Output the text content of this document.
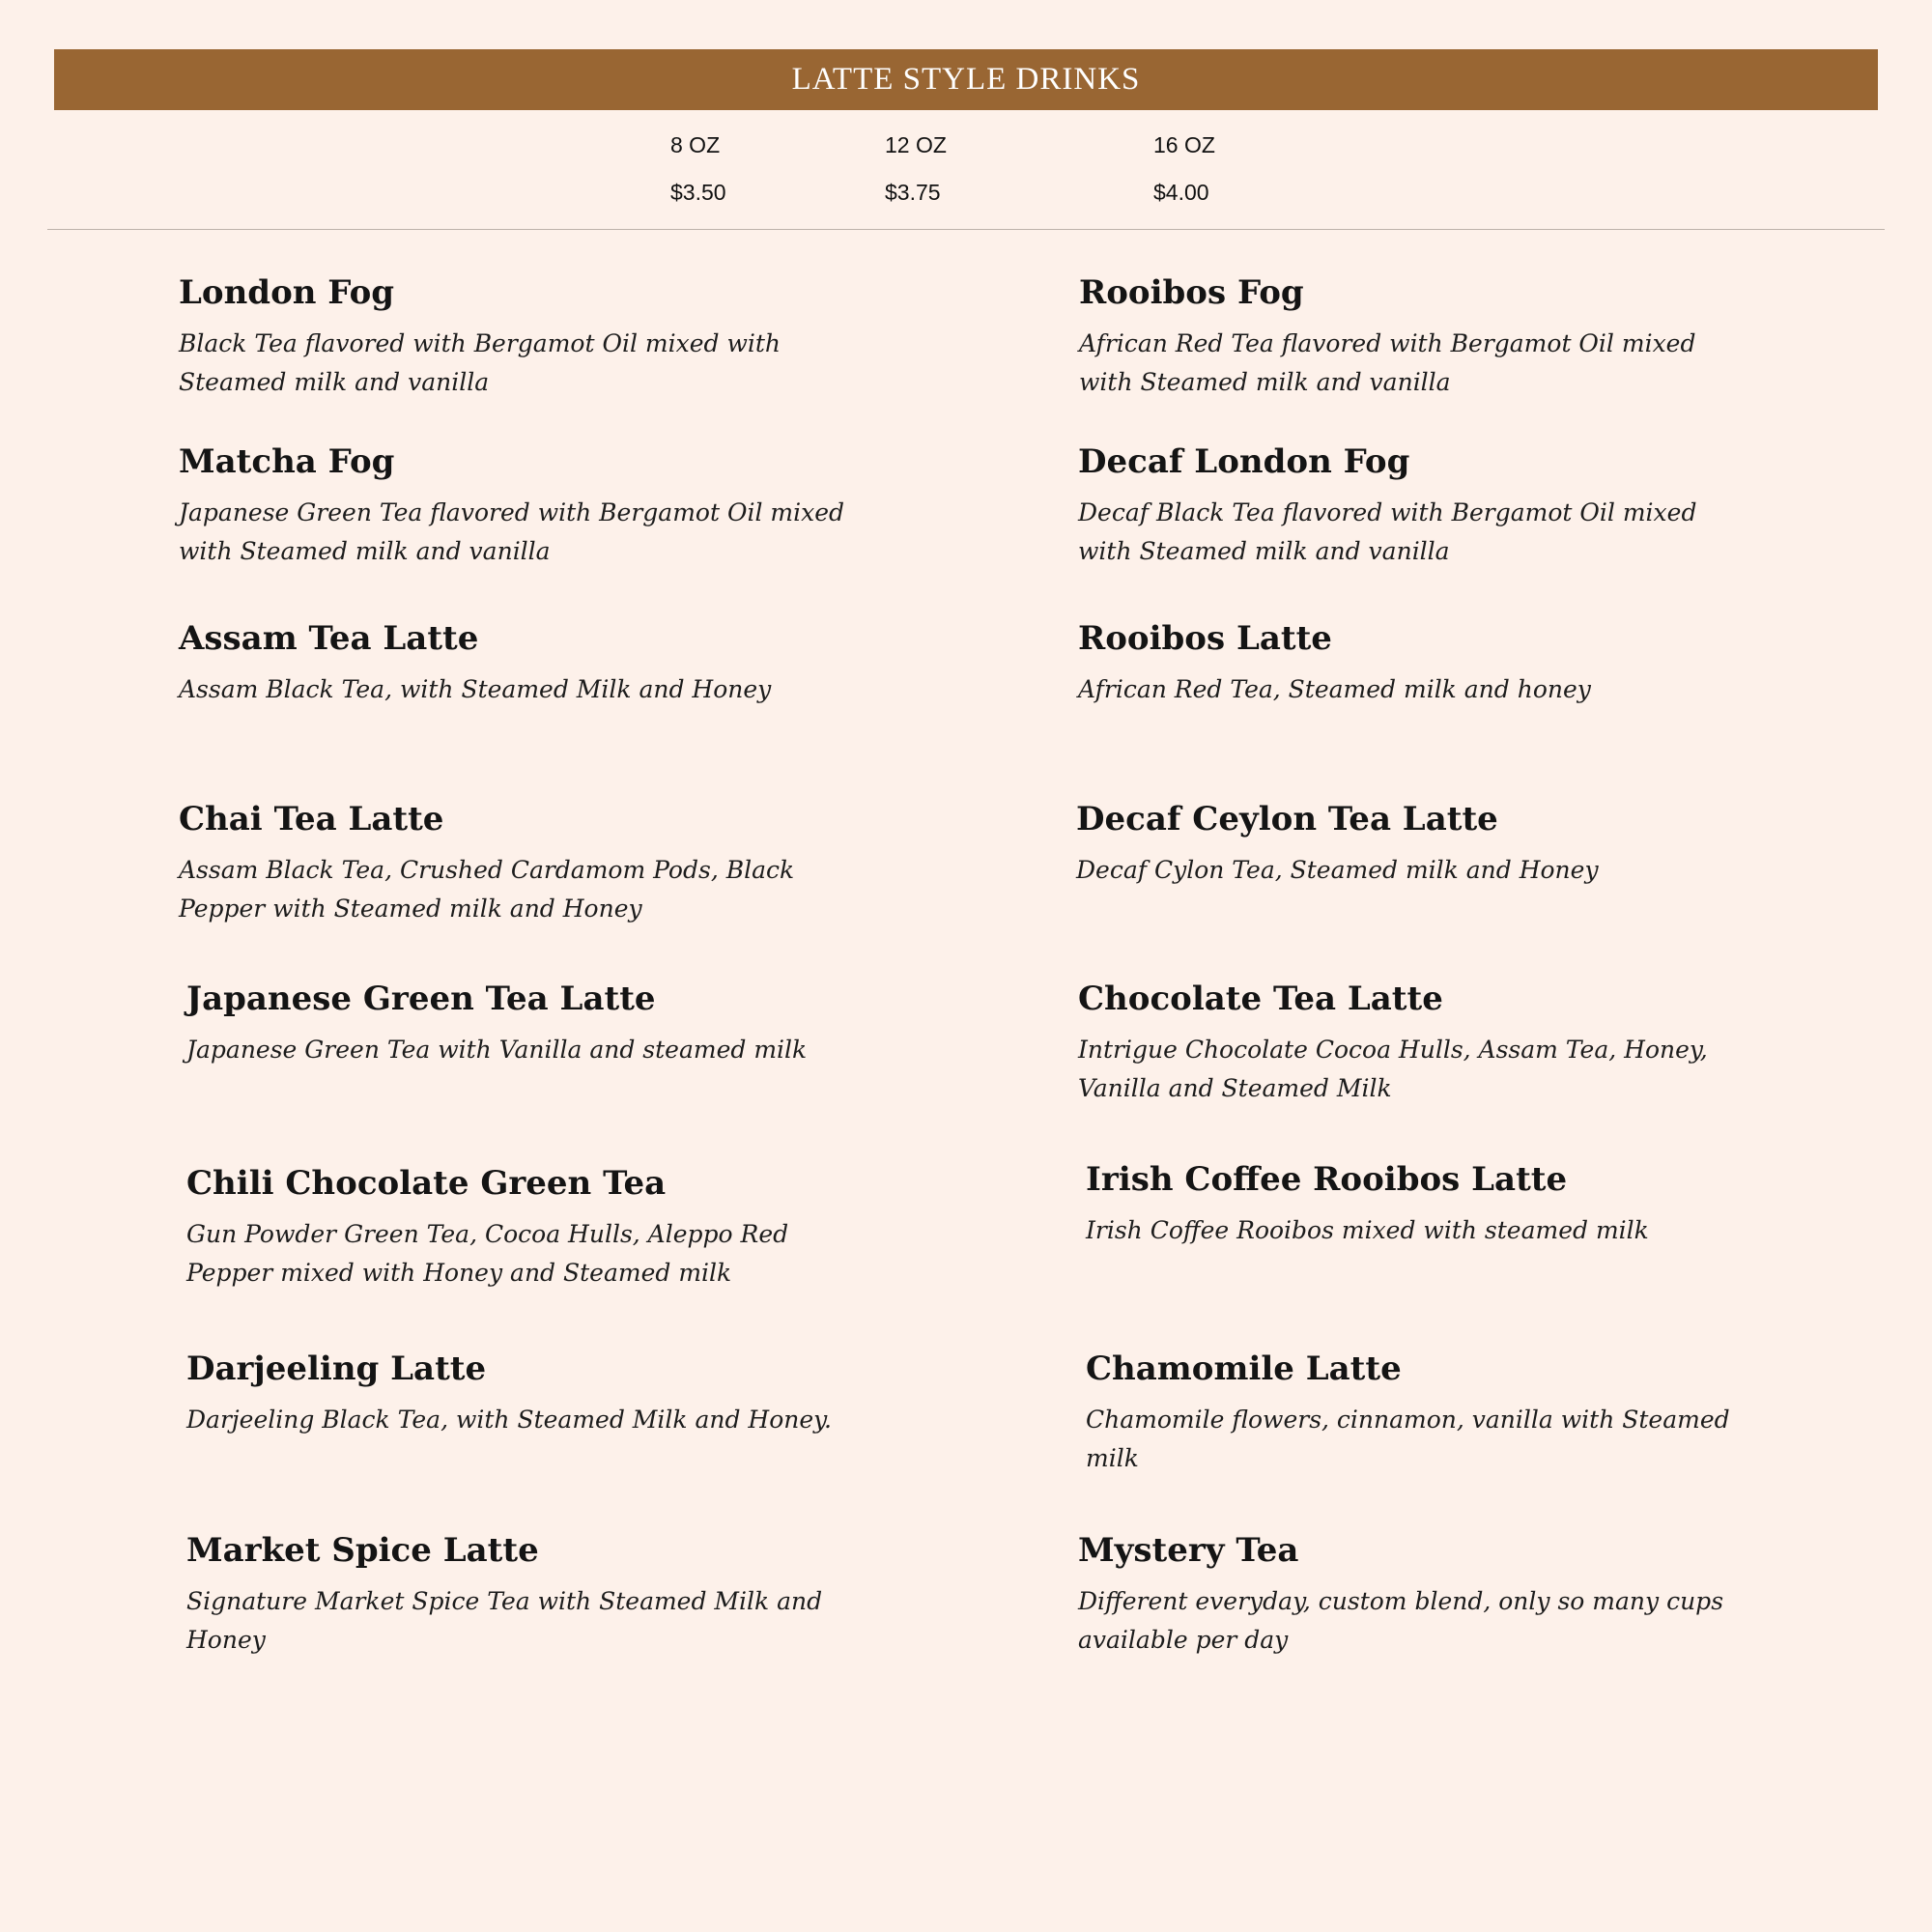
LATTE STYLE DRINKS
8 OZ	12 OZ	16 OZ
$3.50	$3.75	$4.00
London Fog
Black Tea flavored with Bergamot Oil mixed with Steamed milk and vanilla
Matcha Fog
Japanese Green Tea flavored with Bergamot Oil mixed with Steamed milk and vanilla
Assam Tea Latte
Assam Black Tea, with Steamed Milk and Honey
Chai Tea Latte
Assam Black Tea, Crushed Cardamom Pods, Black Pepper with Steamed milk and Honey
Japanese Green Tea Latte
Japanese Green Tea with Vanilla and steamed milk
Chili Chocolate Green Tea
Gun Powder Green Tea, Cocoa Hulls, Aleppo Red Pepper mixed with Honey and Steamed milk
Darjeeling Latte
Darjeeling Black Tea, with Steamed Milk and Honey.
Market Spice Latte
Signature Market Spice Tea with Steamed Milk and Honey
Rooibos Fog
African Red Tea flavored with Bergamot Oil mixed with Steamed milk and vanilla
Decaf London Fog
Decaf Black Tea flavored with Bergamot Oil mixed with Steamed milk and vanilla
Rooibos Latte
African Red Tea, Steamed milk and honey
Decaf Ceylon Tea Latte
Decaf Cylon Tea, Steamed milk and Honey
Chocolate Tea Latte
Intrigue Chocolate Cocoa Hulls, Assam Tea, Honey, Vanilla and Steamed Milk
Irish Coffee Rooibos Latte
Irish Coffee Rooibos mixed with steamed milk
Chamomile Latte
Chamomile flowers, cinnamon, vanilla with Steamed milk
Mystery Tea
Different everyday, custom blend, only so many cups available per day
